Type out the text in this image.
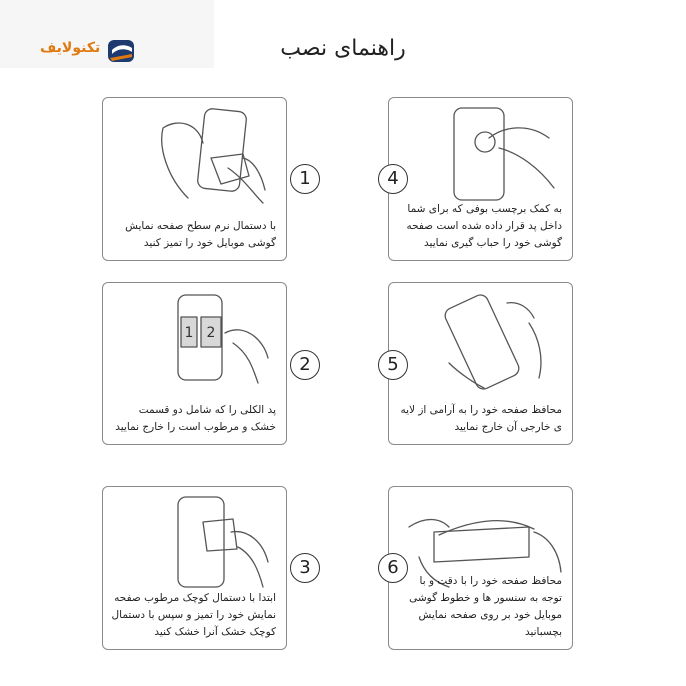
تکنولایف	راهنمای نصب
با دستمال نرم سطح صفحه نمایش گوشی موبایل خود را تمیز کنید
1
1 2
پد الکلی را که شامل دو قسمت خشک و مرطوب است را خارج نمایید
2
ابتدا با دستمال کوچک مرطوب صفحه نمایش خود را تمیز و سپس با دستمال کوچک خشک آنرا خشک کنید
3
به کمک برچسب بوفی که برای شما داخل پد قرار داده شده است صفحه گوشی خود را حباب گیری نمایید
4
محافظ صفحه خود را به آرامی از لایه ی خارجی آن خارج نمایید
5
محافظ صفحه خود را با دقت و با توجه به سنسور ها و خطوط گوشی موبایل خود بر روی صفحه نمایش بچسبانید
6
